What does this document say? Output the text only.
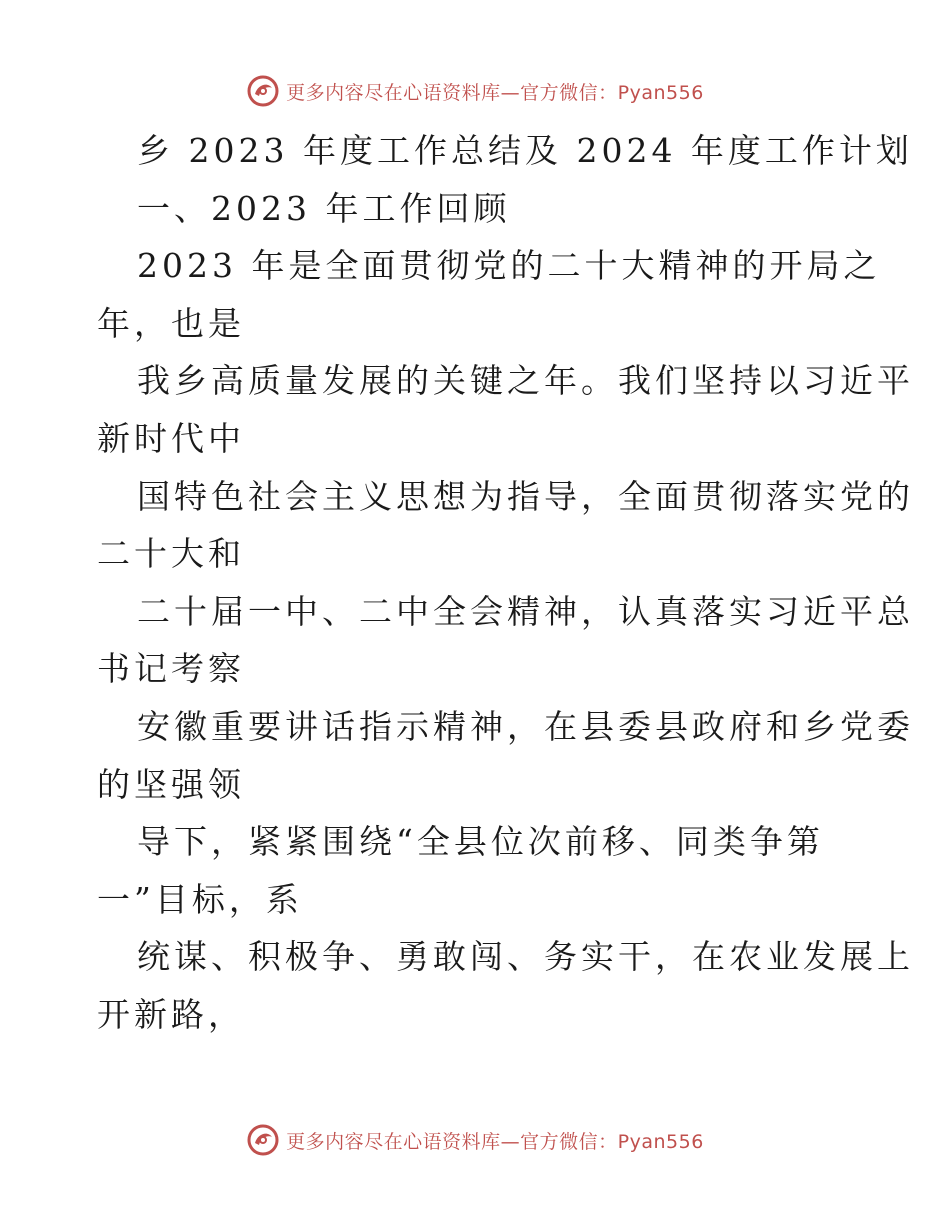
更多内容尽在心语资料库—官方微信：Pyan556
乡 2023 年度工作总结及 2024 年度工作计划
一、2023 年工作回顾
2023 年是全面贯彻党的二十大精神的开局之
年，也是
我乡高质量发展的关键之年。我们坚持以习近平
新时代中
国特色社会主义思想为指导，全面贯彻落实党的
二十大和
二十届一中、二中全会精神，认真落实习近平总
书记考察
安徽重要讲话指示精神，在县委县政府和乡党委
的坚强领
导下，紧紧围绕“全县位次前移、同类争第
一”目标，系
统谋、积极争、勇敢闯、务实干，在农业发展上
开新路，
更多内容尽在心语资料库—官方微信：Pyan556
